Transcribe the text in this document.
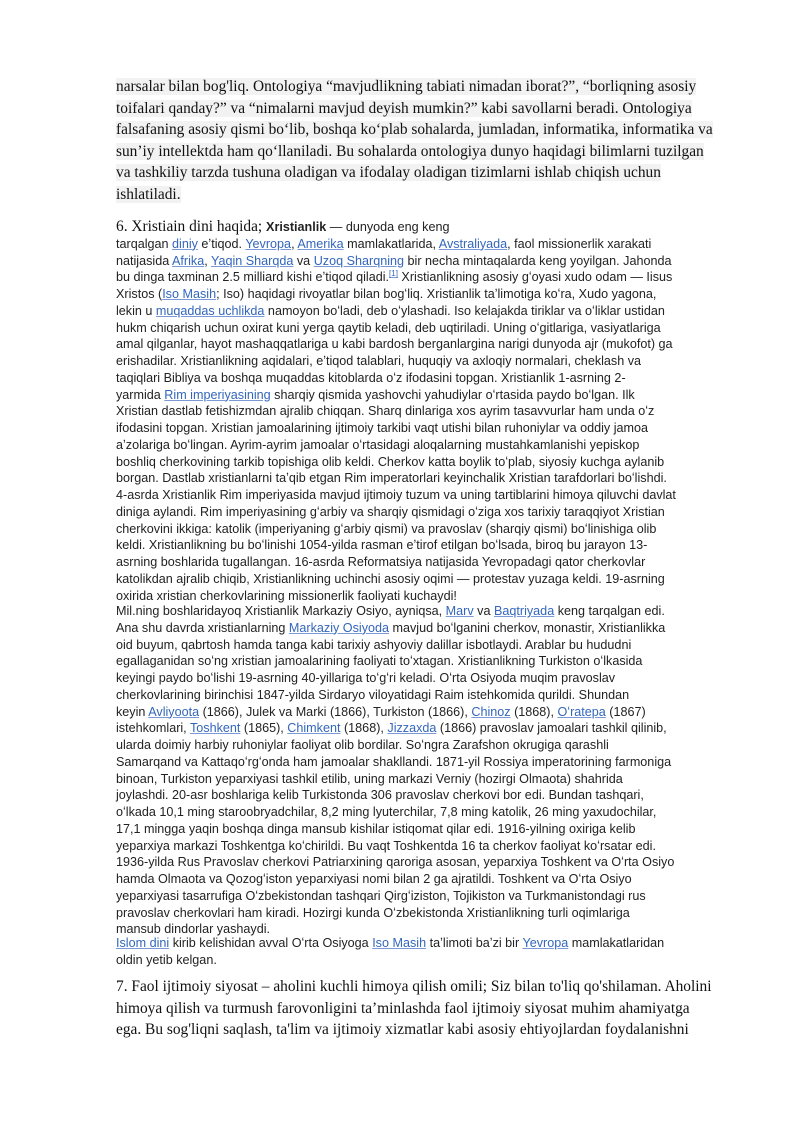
narsalar bilan bog'liq. Ontologiya “mavjudlikning tabiati nimadan iborat?”, “borliqning asosiy
toifalari qanday?” va “nimalarni mavjud deyish mumkin?” kabi savollarni beradi. Ontologiya
falsafaning asosiy qismi boʻlib, boshqa koʻplab sohalarda, jumladan, informatika, informatika va
sunʼiy intellektda ham qoʻllaniladi. Bu sohalarda ontologiya dunyo haqidagi bilimlarni tuzilgan
va tashkiliy tarzda tushuna oladigan va ifodalay oladigan tizimlarni ishlab chiqish uchun
ishlatiladi.
6. Xristiain dini haqida; Xristianlik — dunyoda eng keng
tarqalgan diniy eʼtiqod. Yevropa, Amerika mamlakatlarida, Avstraliyada, faol missionerlik xarakati
natijasida Afrika, Yaqin Sharqda va Uzoq Sharqning bir necha mintaqalarda keng yoyilgan. Jahonda
bu dinga taxminan 2.5 milliard kishi eʼtiqod qiladi.[1] Xristianlikning asosiy gʻoyasi xudo odam — Iisus
Xristos (Iso Masih; Iso) haqidagi rivoyatlar bilan bogʻliq. Xristianlik taʼlimotiga koʻra, Xudo yagona,
lekin u muqaddas uchlikda namoyon boʻladi, deb oʻylashadi. Iso kelajakda tiriklar va oʻliklar ustidan
hukm chiqarish uchun oxirat kuni yerga qaytib keladi, deb uqtiriladi. Uning oʻgitlariga, vasiyatlariga
amal qilganlar, hayot mashaqqatlariga u kabi bardosh berganlargina narigi dunyoda ajr (mukofot) ga
erishadilar. Xristianlikning aqidalari, eʼtiqod talablari, huquqiy va axloqiy normalari, cheklash va
taqiqlari Bibliya va boshqa muqaddas kitoblarda oʻz ifodasini topgan. Xristianlik 1-asrning 2-
yarmida Rim imperiyasining sharqiy qismida yashovchi yahudiylar oʻrtasida paydo boʻlgan. Ilk
Xristian dastlab fetishizmdan ajralib chiqqan. Sharq dinlariga xos ayrim tasavvurlar ham unda oʻz
ifodasini topgan. Xristian jamoalarining ijtimoiy tarkibi vaqt utishi bilan ruhoniylar va oddiy jamoa
aʼzolariga boʻlingan. Ayrim-ayrim jamoalar oʻrtasidagi aloqalarning mustahkamlanishi yepiskop
boshliq cherkovining tarkib topishiga olib keldi. Cherkov katta boylik toʻplab, siyosiy kuchga aylanib
borgan. Dastlab xristianlarni taʼqib etgan Rim imperatorlari keyinchalik Xristian tarafdorlari boʻlishdi.
4-asrda Xristianlik Rim imperiyasida mavjud ijtimoiy tuzum va uning tartiblarini himoya qiluvchi davlat
diniga aylandi. Rim imperiyasining gʻarbiy va sharqiy qismidagi oʻziga xos tarixiy taraqqiyot Xristian
cherkovini ikkiga: katolik (imperiyaning gʻarbiy qismi) va pravoslav (sharqiy qismi) boʻlinishiga olib
keldi. Xristianlikning bu boʻlinishi 1054-yilda rasman eʼtirof etilgan boʻlsada, biroq bu jarayon 13-
asrning boshlarida tugallangan. 16-asrda Reformatsiya natijasida Yevropadagi qator cherkovlar
katolikdan ajralib chiqib, Xristianlikning uchinchi asosiy oqimi — protestav yuzaga keldi. 19-asrning
oxirida xristian cherkovlarining missionerlik faoliyati kuchaydi!
Mil.ning boshlaridayoq Xristianlik Markaziy Osiyo, ayniqsa, Marv va Baqtriyada keng tarqalgan edi.
Ana shu davrda xristianlarning Markaziy Osiyoda mavjud boʻlganini cherkov, monastir, Xristianlikka
oid buyum, qabrtosh hamda tanga kabi tarixiy ashyoviy dalillar isbotlaydi. Arablar bu hududni
egallaganidan soʻng xristian jamoalarining faoliyati toʻxtagan. Xristianlikning Turkiston oʻlkasida
keyingi paydo boʻlishi 19-asrning 40-yillariga toʻgʻri keladi. Oʻrta Osiyoda muqim pravoslav
cherkovlarining birinchisi 1847-yilda Sirdaryo viloyatidagi Raim istehkomida qurildi. Shundan
keyin Avliyoota (1866), Julek va Marki (1866), Turkiston (1866), Chinoz (1868), Oʻratepa (1867)
istehkomlari, Toshkent (1865), Chimkent (1868), Jizzaxda (1866) pravoslav jamoalari tashkil qilinib,
ularda doimiy harbiy ruhoniylar faoliyat olib bordilar. Soʻngra Zarafshon okrugiga qarashli
Samarqand va Kattaqoʻrgʻonda ham jamoalar shakllandi. 1871-yil Rossiya imperatorining farmoniga
binoan, Turkiston yeparxiyasi tashkil etilib, uning markazi Verniy (hozirgi Olmaota) shahrida
joylashdi. 20-asr boshlariga kelib Turkistonda 306 pravoslav cherkovi bor edi. Bundan tashqari,
oʻlkada 10,1 ming staroobryadchilar, 8,2 ming lyuterchilar, 7,8 ming katolik, 26 ming yaxudochilar,
17,1 mingga yaqin boshqa dinga mansub kishilar istiqomat qilar edi. 1916-yilning oxiriga kelib
yeparxiya markazi Toshkentga koʻchirildi. Bu vaqt Toshkentda 16 ta cherkov faoliyat koʻrsatar edi.
1936-yilda Rus Pravoslav cherkovi Patriarxining qaroriga asosan, yeparxiya Toshkent va Oʻrta Osiyo
hamda Olmaota va Qozogʻiston yeparxiyasi nomi bilan 2 ga ajratildi. Toshkent va Oʻrta Osiyo
yeparxiyasi tasarrufiga Oʻzbekistondan tashqari Qirgʻiziston, Tojikiston va Turkmanistondagi rus
pravoslav cherkovlari ham kiradi. Hozirgi kunda Oʻzbekistonda Xristianlikning turli oqimlariga
mansub dindorlar yashaydi.
Islom dini kirib kelishidan avval Oʻrta Osiyoga Iso Masih taʼlimoti baʼzi bir Yevropa mamlakatlaridan
oldin yetib kelgan.
7. Faol ijtimoiy siyosat – aholini kuchli himoya qilish omili; Siz bilan to'liq qo'shilaman. Aholini
himoya qilish va turmush farovonligini ta’minlashda faol ijtimoiy siyosat muhim ahamiyatga
ega. Bu sog'liqni saqlash, ta'lim va ijtimoiy xizmatlar kabi asosiy ehtiyojlardan foydalanishni
